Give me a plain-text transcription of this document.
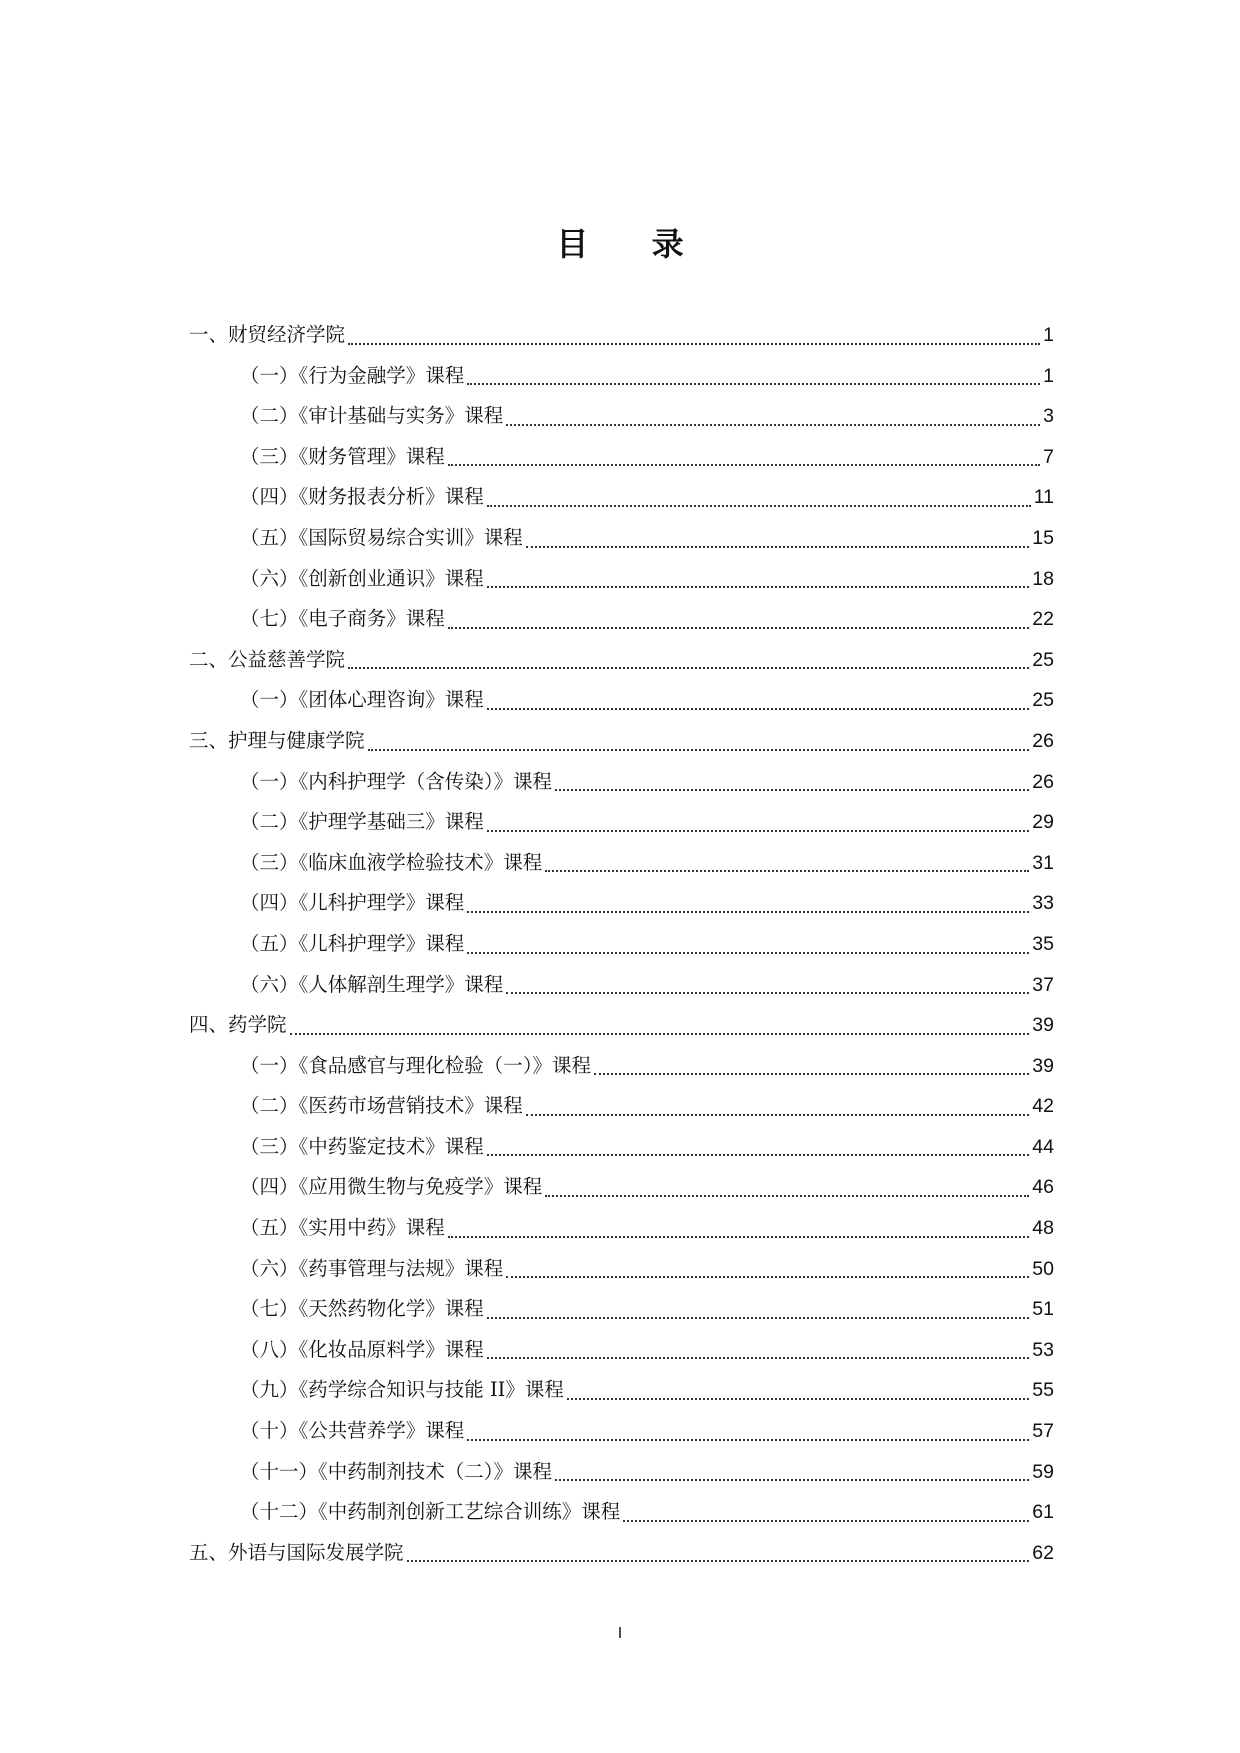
目 录
一、财贸经济学院	1
（一）《行为金融学》课程	1
（二）《审计基础与实务》课程	3
（三）《财务管理》课程	7
（四）《财务报表分析》课程	11
（五）《国际贸易综合实训》课程	15
（六）《创新创业通识》课程	18
（七）《电子商务》课程	22
二、公益慈善学院	25
（一）《团体心理咨询》课程	25
三、护理与健康学院	26
（一）《内科护理学（含传染）》课程	26
（二）《护理学基础三》课程	29
（三）《临床血液学检验技术》课程	31
（四）《儿科护理学》课程	33
（五）《儿科护理学》课程	35
（六）《人体解剖生理学》课程	37
四、药学院	39
（一）《食品感官与理化检验（一）》课程	39
（二）《医药市场营销技术》课程	42
（三）《中药鉴定技术》课程	44
（四）《应用微生物与免疫学》课程	46
（五）《实用中药》课程	48
（六）《药事管理与法规》课程	50
（七）《天然药物化学》课程	51
（八）《化妆品原料学》课程	53
（九）《药学综合知识与技能 II》课程	55
（十）《公共营养学》课程	57
（十一）《中药制剂技术（二）》课程	59
（十二）《中药制剂创新工艺综合训练》课程	61
五、外语与国际发展学院	62
I
